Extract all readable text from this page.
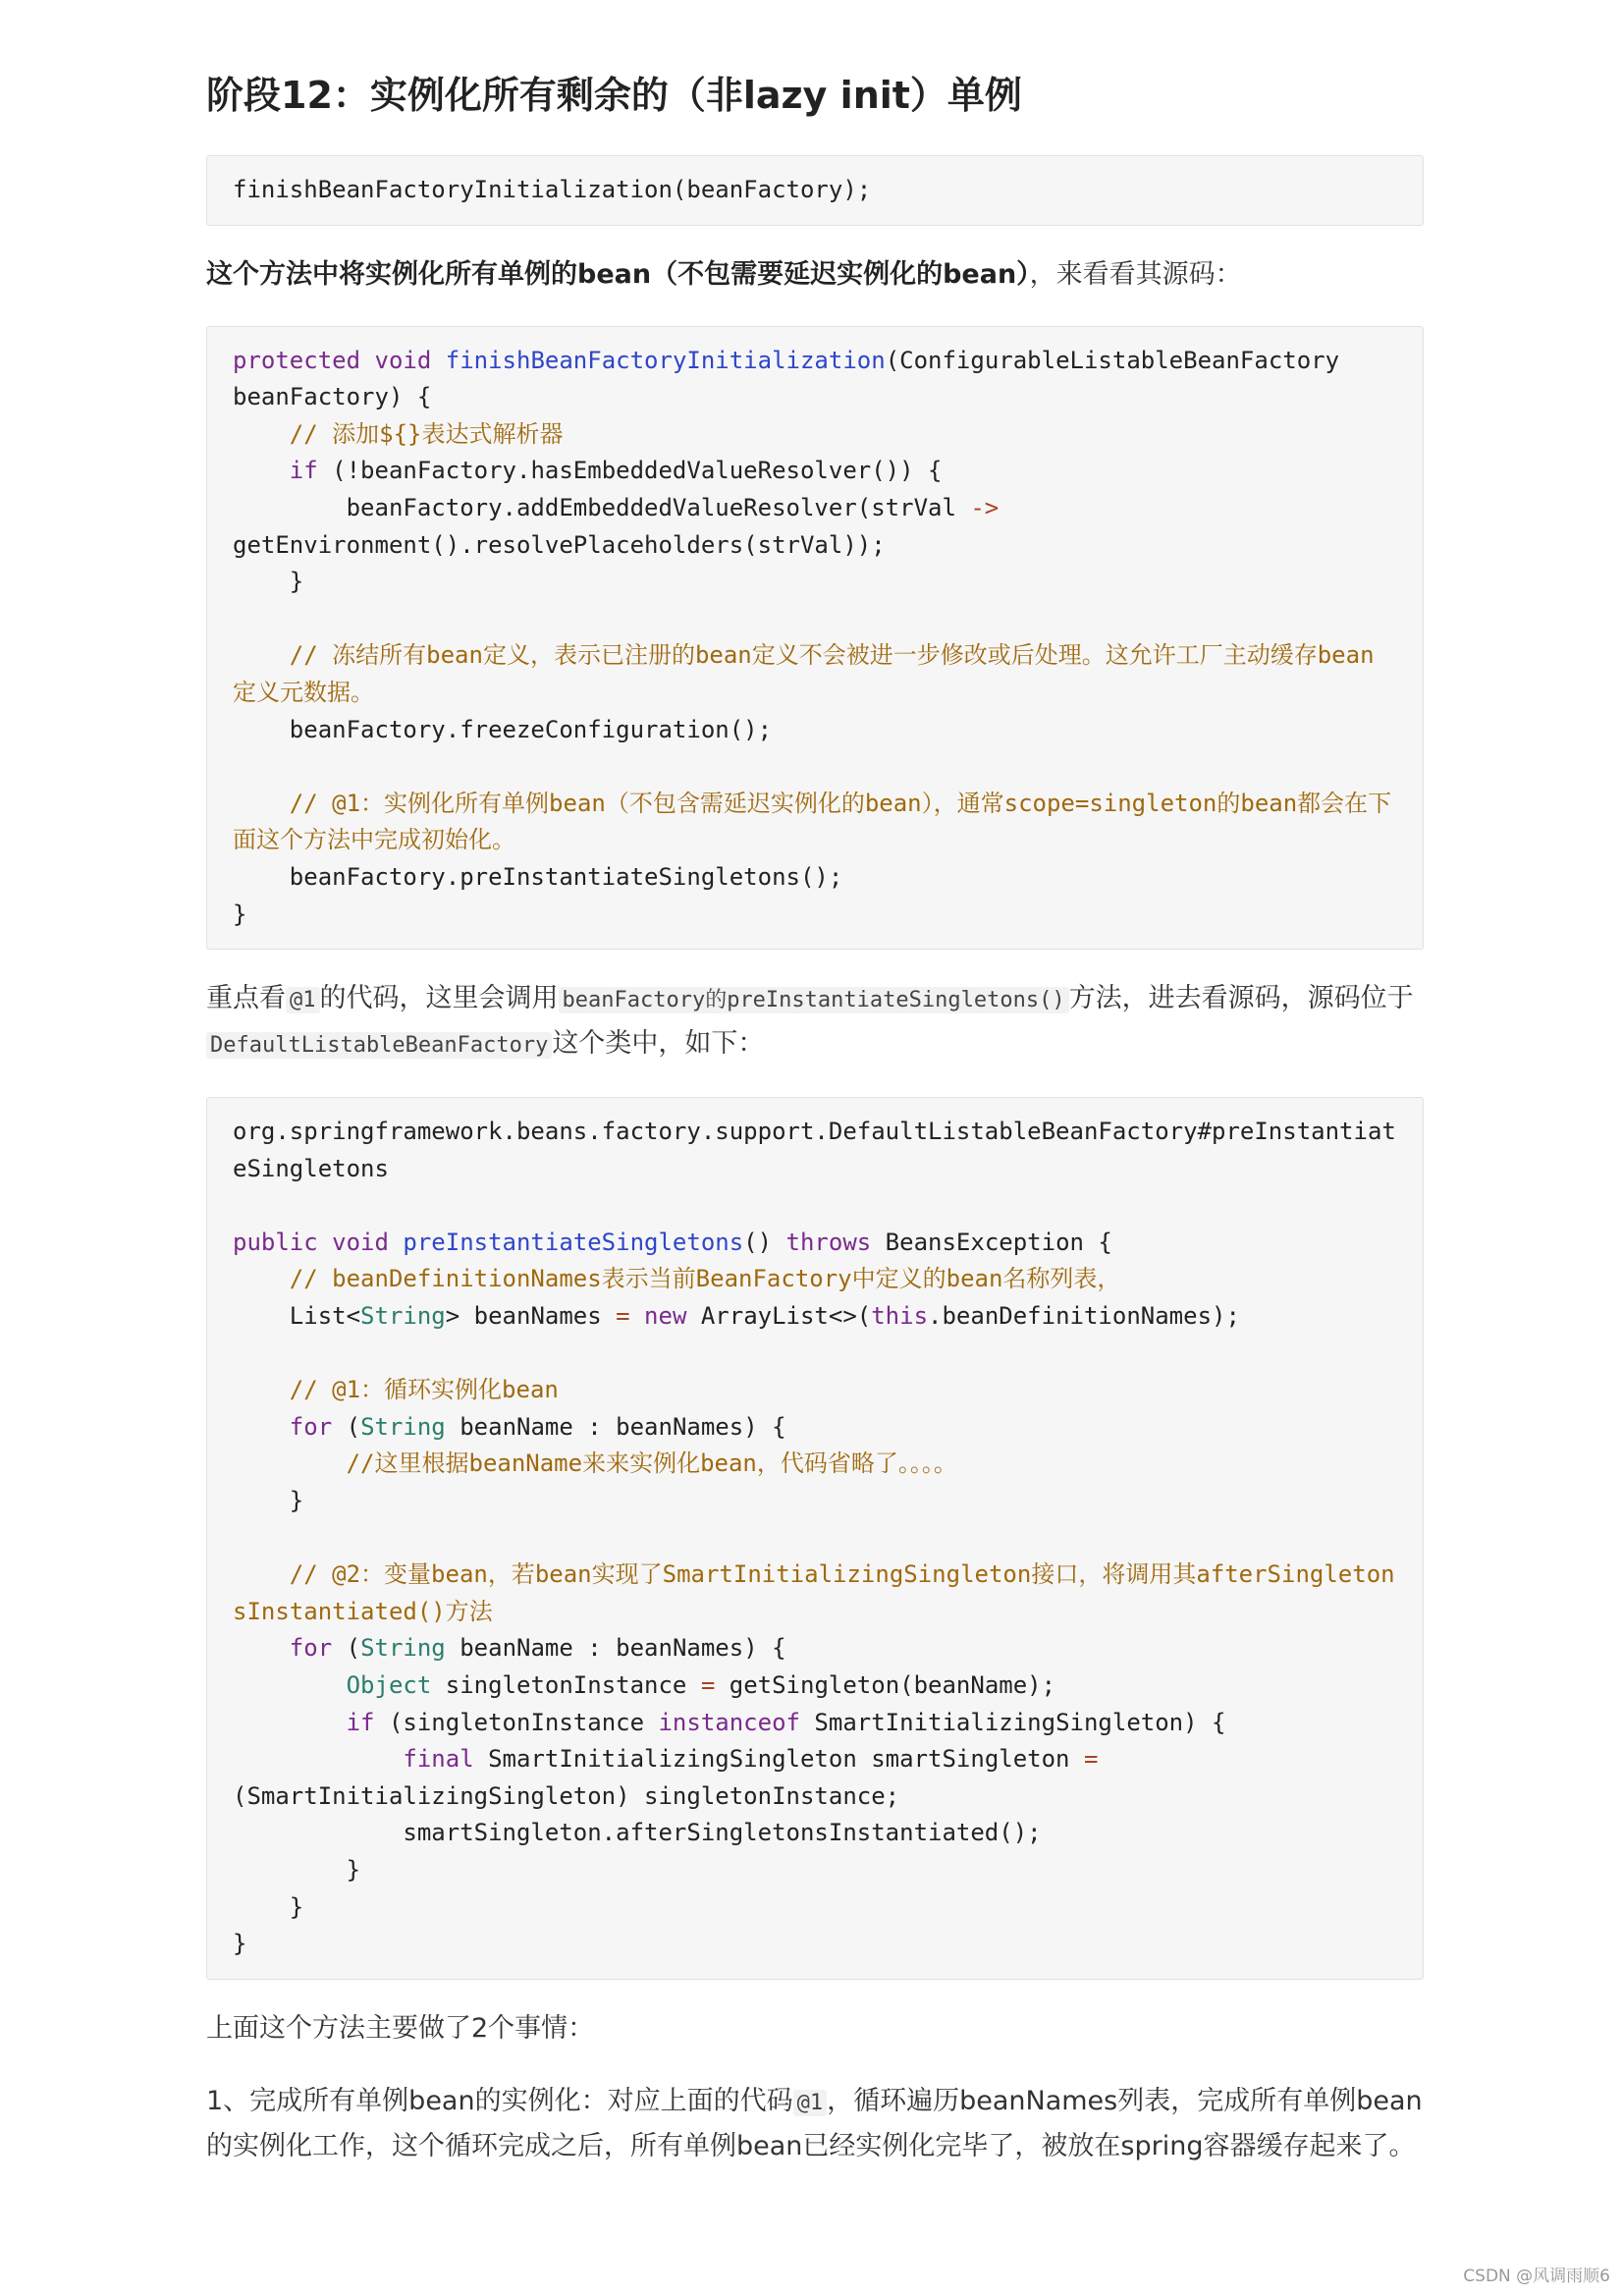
阶段12：实例化所有剩余的（非lazy init）单例
finishBeanFactoryInitialization(beanFactory);

这个方法中将实例化所有单例的bean（不包需要延迟实例化的bean），来看看其源码：

protected void finishBeanFactoryInitialization(ConfigurableListableBeanFactory
beanFactory) {
// 添加${}表达式解析器
if (!beanFactory.hasEmbeddedValueResolver()) {
beanFactory.addEmbeddedValueResolver(strVal ->
getEnvironment().resolvePlaceholders(strVal));
}
// 冻结所有bean定义，表示已注册的bean定义不会被进一步修改或后处理。这允许工厂主动缓存bean定义元数据。
beanFactory.freezeConfiguration();
// @1：实例化所有单例bean（不包含需延迟实例化的bean），通常scope=singleton的bean都会在下面这个方法中完成初始化。
beanFactory.preInstantiateSingletons();
}

重点看 @1 的代码，这里会调用 beanFactory的preInstantiateSingletons() 方法，进去看源码，源码位于DefaultListableBeanFactory 这个类中，如下：

org.springframework.beans.factory.support.DefaultListableBeanFactory#preInstantiateSingletons
public void preInstantiateSingletons() throws BeansException {
// beanDefinitionNames表示当前BeanFactory中定义的bean名称列表，
List<String> beanNames = new ArrayList<>(this.beanDefinitionNames);
// @1：循环实例化bean
for (String beanName : beanNames) {
//这里根据beanName来来实例化bean，代码省略了。。。。
}
// @2：变量bean，若bean实现了SmartInitializingSingleton接口，将调用其afterSingletonsInstantiated()方法
for (String beanName : beanNames) {
Object singletonInstance = getSingleton(beanName);
if (singletonInstance instanceof SmartInitializingSingleton) {
final SmartInitializingSingleton smartSingleton =
(SmartInitializingSingleton) singletonInstance;
smartSingleton.afterSingletonsInstantiated();
}
}
}

上面这个方法主要做了2个事情：

1、完成所有单例bean的实例化：对应上面的代码 @1 ，循环遍历beanNames列表，完成所有单例bean的实例化工作，这个循环完成之后，所有单例bean已经实例化完毕了，被放在spring容器缓存起来了。

CSDN @风调雨顺6
